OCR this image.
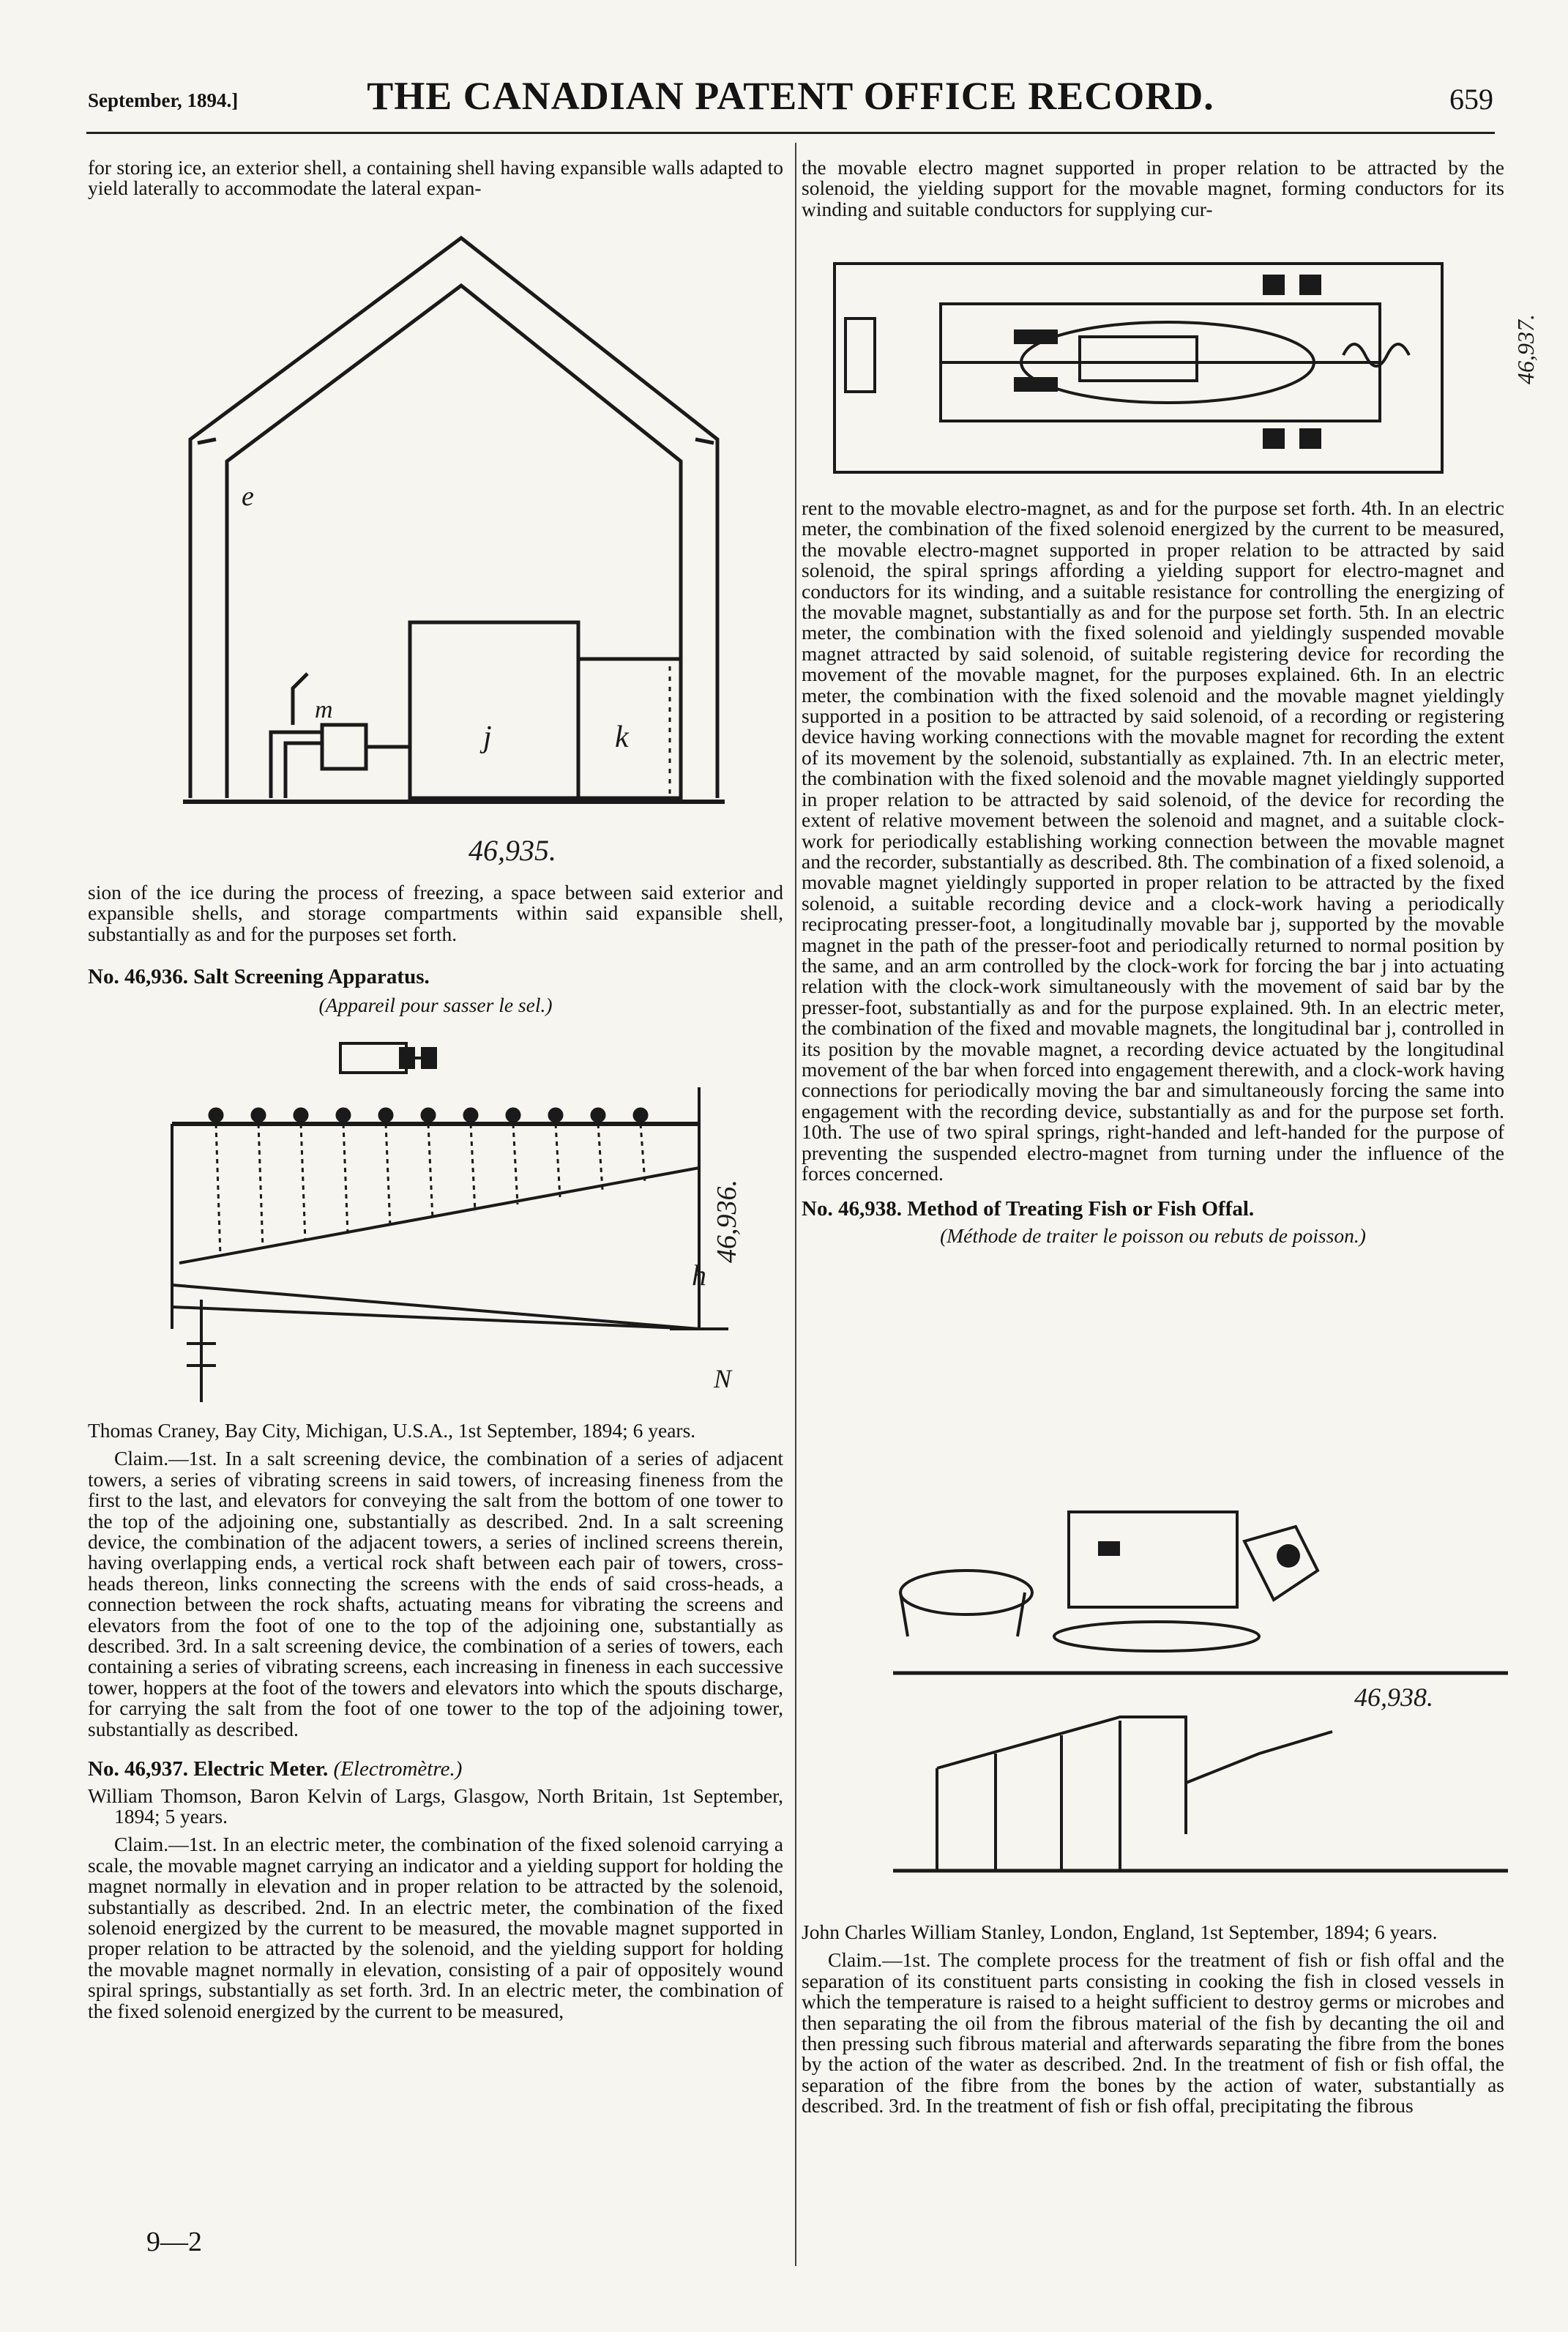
September, 1894.]	THE CANADIAN PATENT OFFICE RECORD.	659

for storing ice, an exterior shell, a containing shell having expansible walls adapted to yield laterally to accommodate the lateral expan-

e
m
j	k
46,935.

sion of the ice during the process of freezing, a space between said exterior and expansible shells, and storage compartments within said expansible shell, substantially as and for the purposes set forth.

No. 46,936. Salt Screening Apparatus.

(Appareil pour sasser le sel.)

h
N
46,936.

Thomas Craney, Bay City, Michigan, U.S.A., 1st September, 1894; 6 years.

Claim.—1st. In a salt screening device, the combination of a series of adjacent towers, a series of vibrating screens in said towers, of increasing fineness from the first to the last, and elevators for conveying the salt from the bottom of one tower to the top of the adjoining one, substantially as described. 2nd. In a salt screening device, the combination of the adjacent towers, a series of inclined screens therein, having overlapping ends, a vertical rock shaft between each pair of towers, cross-heads thereon, links connecting the screens with the ends of said cross-heads, a connection between the rock shafts, actuating means for vibrating the screens and elevators from the foot of one to the top of the adjoining one, substantially as described. 3rd. In a salt screening device, the combination of a series of towers, each containing a series of vibrating screens, each increasing in fineness in each successive tower, hoppers at the foot of the towers and elevators into which the spouts discharge, for carrying the salt from the foot of one tower to the top of the adjoining tower, substantially as described.

No. 46,937. Electric Meter. (Electromètre.)

William Thomson, Baron Kelvin of Largs, Glasgow, North Britain, 1st September, 1894; 5 years.

Claim.—1st. In an electric meter, the combination of the fixed solenoid carrying a scale, the movable magnet carrying an indicator and a yielding support for holding the magnet normally in elevation and in proper relation to be attracted by the solenoid, substantially as described. 2nd. In an electric meter, the combination of the fixed solenoid energized by the current to be measured, the movable magnet supported in proper relation to be attracted by the solenoid, and the yielding support for holding the movable magnet normally in elevation, consisting of a pair of oppositely wound spiral springs, substantially as set forth. 3rd. In an electric meter, the combination of the fixed solenoid energized by the current to be measured,

9—2

the movable electro magnet supported in proper relation to be attracted by the solenoid, the yielding support for the movable magnet, forming conductors for its winding and suitable conductors for supplying cur-

46,937.

rent to the movable electro-magnet, as and for the purpose set forth. 4th. In an electric meter, the combination of the fixed solenoid energized by the current to be measured, the movable electro-magnet supported in proper relation to be attracted by said solenoid, the spiral springs affording a yielding support for electro-magnet and conductors for its winding, and a suitable resistance for controlling the energizing of the movable magnet, substantially as and for the purpose set forth. 5th. In an electric meter, the combination with the fixed solenoid and yieldingly suspended movable magnet attracted by said solenoid, of suitable registering device for recording the movement of the movable magnet, for the purposes explained. 6th. In an electric meter, the combination with the fixed solenoid and the movable magnet yieldingly supported in a position to be attracted by said solenoid, of a recording or registering device having working connections with the movable magnet for recording the extent of its movement by the solenoid, substantially as explained. 7th. In an electric meter, the combination with the fixed solenoid and the movable magnet yieldingly supported in proper relation to be attracted by said solenoid, of the device for recording the extent of relative movement between the solenoid and magnet, and a suitable clock-work for periodically establishing working connection between the movable magnet and the recorder, substantially as described. 8th. The combination of a fixed solenoid, a movable magnet yieldingly supported in proper relation to be attracted by the fixed solenoid, a suitable recording device and a clock-work having a periodically reciprocating presser-foot, a longitudinally movable bar j, supported by the movable magnet in the path of the presser-foot and periodically returned to normal position by the same, and an arm controlled by the clock-work for forcing the bar j into actuating relation with the clock-work simultaneously with the movement of said bar by the presser-foot, substantially as and for the purpose explained. 9th. In an electric meter, the combination of the fixed and movable magnets, the longitudinal bar j, controlled in its position by the movable magnet, a recording device actuated by the longitudinal movement of the bar when forced into engagement therewith, and a clock-work having connections for periodically moving the bar and simultaneously forcing the same into engagement with the recording device, substantially as and for the purpose set forth. 10th. The use of two spiral springs, right-handed and left-handed for the purpose of preventing the suspended electro-magnet from turning under the influence of the forces concerned.

No. 46,938. Method of Treating Fish or Fish Offal.

(Méthode de traiter le poisson ou rebuts de poisson.)

46,938.

John Charles William Stanley, London, England, 1st September, 1894; 6 years.

Claim.—1st. The complete process for the treatment of fish or fish offal and the separation of its constituent parts consisting in cooking the fish in closed vessels in which the temperature is raised to a height sufficient to destroy germs or microbes and then separating the oil from the fibrous material of the fish by decanting the oil and then pressing such fibrous material and afterwards separating the fibre from the bones by the action of the water as described. 2nd. In the treatment of fish or fish offal, the separation of the fibre from the bones by the action of water, substantially as described. 3rd. In the treatment of fish or fish offal, precipitating the fibrous
